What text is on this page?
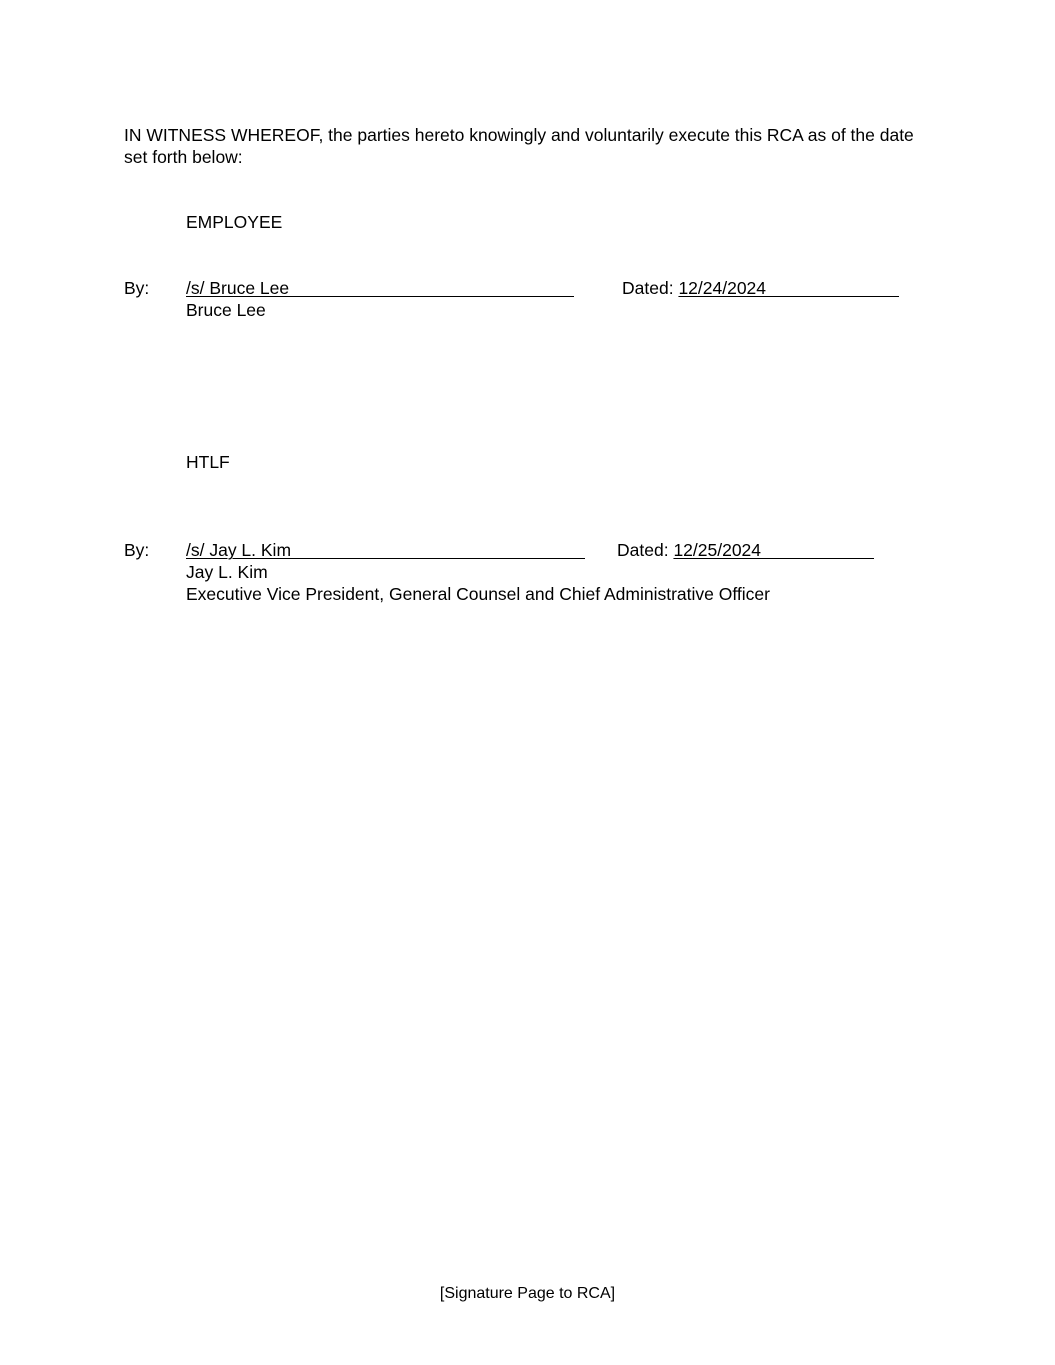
IN WITNESS WHEREOF, the parties hereto knowingly and voluntarily execute this RCA as of the date
set forth below:
EMPLOYEE
By: /s/ Bruce Lee
Bruce Lee
Dated: 12/24/2024
HTLF
By: /s/ Jay L. Kim
Jay L. Kim
Executive Vice President, General Counsel and Chief Administrative Officer
Dated: 12/25/2024
[Signature Page to RCA]
